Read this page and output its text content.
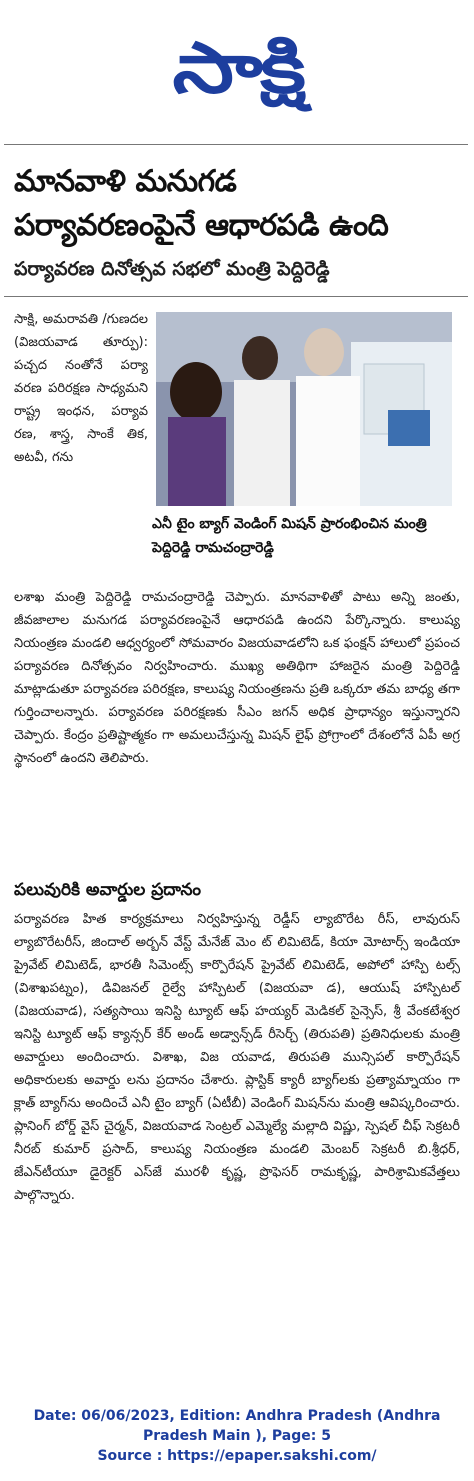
సాక్షి
మానవాళి మనుగడ
పర్యావరణంపైనే ఆధారపడి ఉంది
పర్యావరణ దినోత్సవ సభలో మంత్రి పెద్దిరెడ్డి
సాక్షి, అమరావతి /గుణదల (విజయవాడ తూర్పు): పచ్చద నంతోనే పర్యా వరణ పరిరక్షణ సాధ్యమని రాష్ట్ర ఇంధన, పర్యావ రణ, శాస్త్ర, సాంకే తిక, అటవీ, గను
ఎనీ టైం బ్యాగ్ వెండింగ్ మిషన్ ప్రారంభించిన మంత్రి పెద్దిరెడ్డి రామచంద్రారెడ్డి
లశాఖ మంత్రి పెద్దిరెడ్డి రామచంద్రారెడ్డి చెప్పారు. మానవాళితో పాటు అన్ని జంతు, జీవజాలాల మనుగడ పర్యావరణంపైనే ఆధారపడి ఉందని పేర్కొన్నారు. కాలుష్య నియంత్రణ మండలి ఆధ్వర్యంలో సోమవారం విజయవాడలోని ఒక ఫంక్షన్ హాలులో ప్రపంచ పర్యావరణ దినోత్సవం నిర్వహించారు. ముఖ్య అతిథిగా హాజరైన మంత్రి పెద్దిరెడ్డి మాట్లాడుతూ పర్యావరణ పరిరక్షణ, కాలుష్య నియంత్రణను ప్రతి ఒక్కరూ తమ బాధ్య తగా గుర్తించాలన్నారు. పర్యావరణ పరిరక్షణకు సీఎం జగన్ అధిక ప్రాధాన్యం ఇస్తున్నారని చెప్పారు. కేంద్రం ప్రతిష్టాత్మకం గా అమలుచేస్తున్న మిషన్ లైఫ్ ప్రోగ్రాంలో దేశంలోనే ఏపీ అగ్ర స్థానంలో ఉందని తెలిపారు.
పలువురికి అవార్డుల ప్రదానం
పర్యావరణ హిత కార్యక్రమాలు నిర్వహిస్తున్న రెడ్డీస్ ల్యాబొరేట రీస్, లావురుస్ ల్యాబొరేటరీస్, జిందాల్ అర్బన్ వేస్ట్ మేనేజ్ మెం ట్ లిమిటెడ్, కియా మోటార్స్ ఇండియా ప్రైవేట్ లిమిటెడ్, భారతీ సిమెంట్స్ కార్పొరేషన్ ప్రైవేట్ లిమిటెడ్, అపోలో హాస్పి టల్స్ (విశాఖపట్నం), డివిజనల్ రైల్వే హాస్పిటల్ (విజయవా డ), ఆయుష్ హాస్పిటల్ (విజయవాడ), సత్యసాయి ఇనిస్టి ట్యూట్ ఆఫ్ హయ్యర్ మెడికల్ సైన్సెస్, శ్రీ వేంకటేశ్వర ఇనిస్టి ట్యూట్ ఆఫ్ క్యాన్సర్ కేర్ అండ్ అడ్వాన్స్‌డ్ రీసెర్చ్ (తిరుపతి) ప్రతినిధులకు మంత్రి అవార్డులు అందించారు. విశాఖ, విజ యవాడ, తిరుపతి మున్సిపల్ కార్పొరేషన్ అధికారులకు అవార్డు లను ప్రదానం చేశారు. ప్లాస్టిక్ క్యారీ బ్యాగ్‌లకు ప్రత్యామ్నాయం గా క్లాత్ బ్యాగ్‌ను అందించే ఎనీ టైం బ్యాగ్ (ఏటీబీ) వెండింగ్ మిషన్‌ను మంత్రి ఆవిష్కరించారు. ప్లానింగ్ బోర్డ్ వైస్ చైర్మన్, విజయవాడ సెంట్రల్ ఎమ్మెల్యే మల్లాది విష్ణు, స్పెషల్ చీఫ్ సెక్రటరీ నీరబ్ కుమార్ ప్రసాద్, కాలుష్య నియంత్రణ మండలి మెంబర్ సెక్రటరీ బి.శ్రీధర్, జేఎన్‌టీయూ డైరెక్టర్ ఎస్‌జే మురళీ కృష్ణ, ప్రొఫెసర్ రామకృష్ణ, పారిశ్రామికవేత్తలు పాల్గొన్నారు.
Date: 06/06/2023, Edition: Andhra Pradesh (Andhra
Pradesh Main ), Page: 5
Source : https://epaper.sakshi.com/
